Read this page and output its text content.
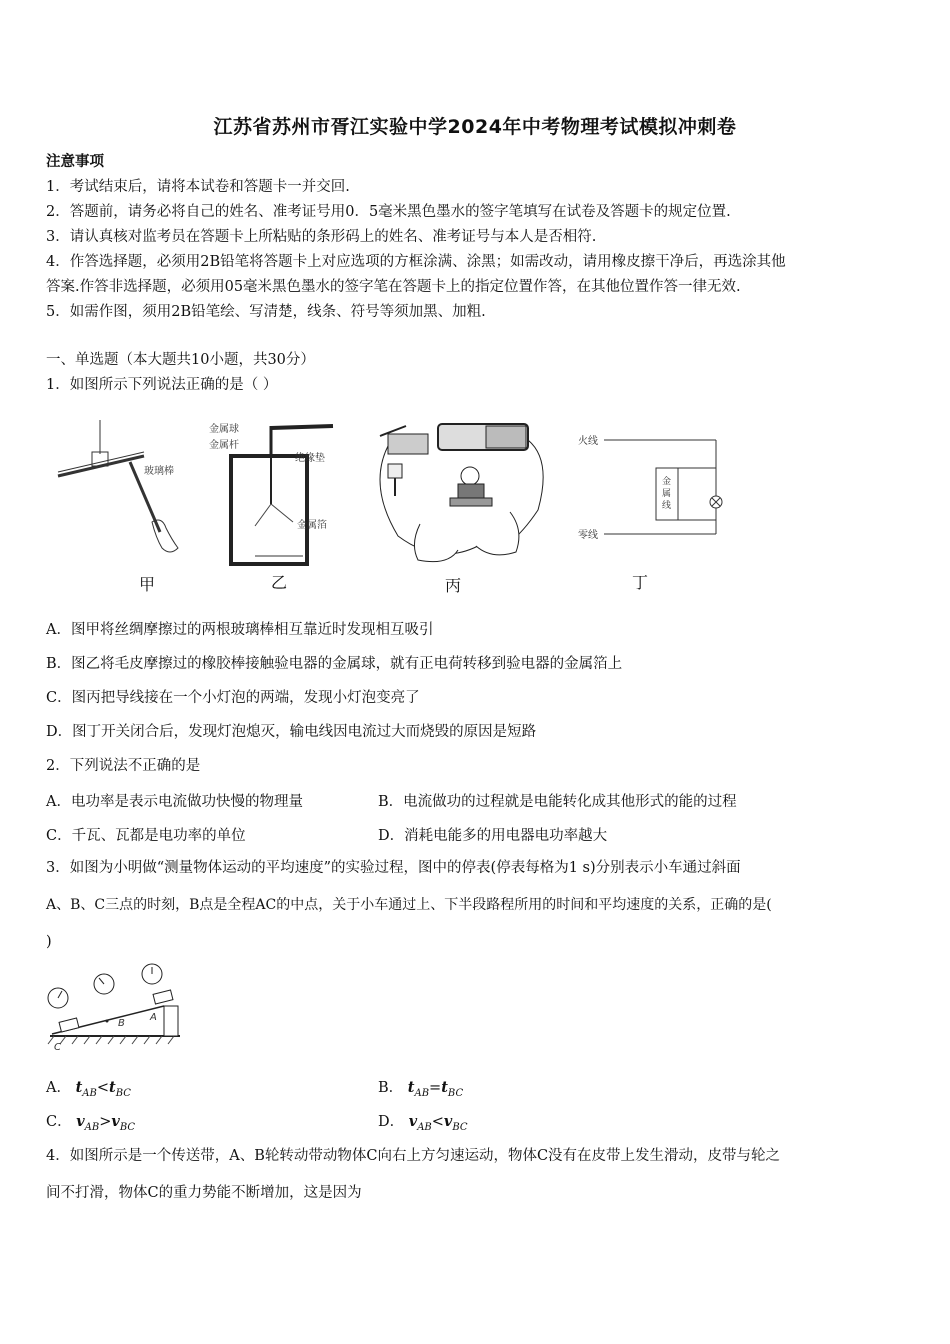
江苏省苏州市胥江实验中学2024年中考物理考试模拟冲刺卷
注意事项
1．考试结束后，请将本试卷和答题卡一并交回.
2．答题前，请务必将自己的姓名、准考证号用0．5毫米黑色墨水的签字笔填写在试卷及答题卡的规定位置.
3．请认真核对监考员在答题卡上所粘贴的条形码上的姓名、准考证号与本人是否相符.
4．作答选择题，必须用2B铅笔将答题卡上对应选项的方框涂满、涂黑；如需改动，请用橡皮擦干净后，再选涂其他
答案.作答非选择题，必须用05毫米黑色墨水的签字笔在答题卡上的指定位置作答，在其他位置作答一律无效.
5．如需作图，须用2B铅笔绘、写清楚，线条、符号等须加黑、加粗.
一、单选题（本大题共10小题，共30分）
1．如图所示下列说法正确的是（ ）
玻璃棒
甲
金属球
金属杆
绝缘垫
金属箔
乙	丙
火线
零线
金
属
线
丁
A．图甲将丝绸摩擦过的两根玻璃棒相互靠近时发现相互吸引
B．图乙将毛皮摩擦过的橡胶棒接触验电器的金属球，就有正电荷转移到验电器的金属箔上
C．图丙把导线接在一个小灯泡的两端，发现小灯泡变亮了
D．图丁开关闭合后，发现灯泡熄灭，输电线因电流过大而烧毁的原因是短路
2．下列说法不正确的是
A．电功率是表示电流做功快慢的物理量	B．电流做功的过程就是电能转化成其他形式的能的过程
C．千瓦、瓦都是电功率的单位	D．消耗电能多的用电器电功率越大
3．如图为小明做“测量物体运动的平均速度”的实验过程，图中的停表(停表每格为1 s)分别表示小车通过斜面
A、B、C三点的时刻，B点是全程AC的中点，关于小车通过上、下半段路程所用的时间和平均速度的关系，正确的是(
)
A
B
C
A． $t_{AB}<t_{BC}$	B． $t_{AB}=t_{BC}$
C． $v_{AB}>v_{BC}$	D． $v_{AB}<v_{BC}$
4．如图所示是一个传送带，A、B轮转动带动物体C向右上方匀速运动，物体C没有在皮带上发生滑动，皮带与轮之
间不打滑，物体C的重力势能不断增加，这是因为
